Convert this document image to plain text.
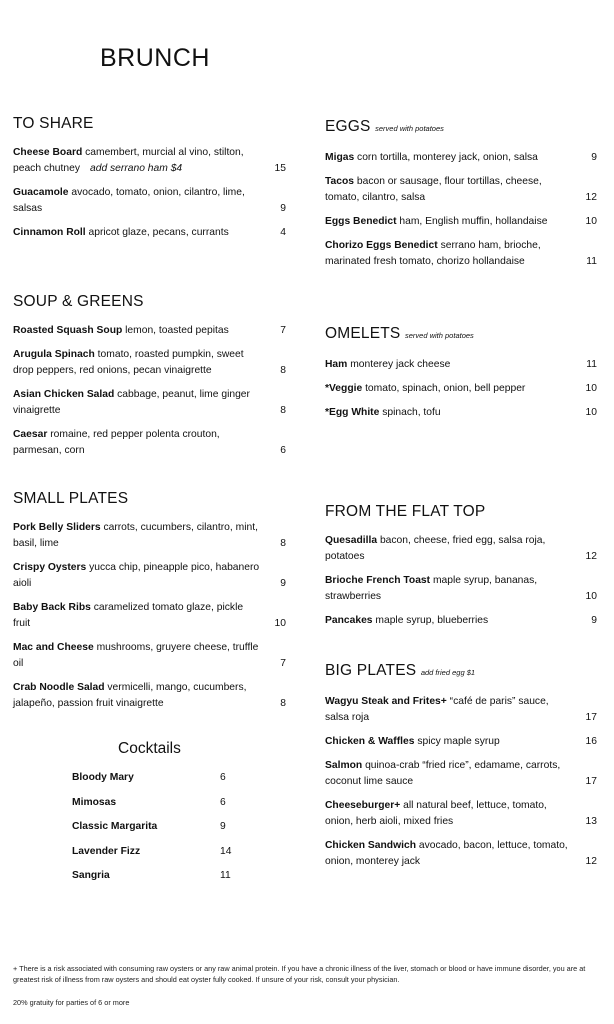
BRUNCH
TO SHARE
Cheese Board camembert, murcial al vino, stilton, peach chutney add serrano ham $4	15
Guacamole avocado, tomato, onion, cilantro, lime, salsas	9
Cinnamon Roll apricot glaze, pecans, currants	4
SOUP & GREENS
Roasted Squash Soup lemon, toasted pepitas	7
Arugula Spinach tomato, roasted pumpkin, sweet drop peppers, red onions, pecan vinaigrette	8
Asian Chicken Salad cabbage, peanut, lime ginger vinaigrette	8
Caesar romaine, red pepper polenta crouton, parmesan, corn	6
SMALL PLATES
Pork Belly Sliders carrots, cucumbers, cilantro, mint, basil, lime	8
Crispy Oysters yucca chip, pineapple pico, habanero aioli	9
Baby Back Ribs caramelized tomato glaze, pickle fruit	10
Mac and Cheese mushrooms, gruyere cheese, truffle oil	7
Crab Noodle Salad vermicelli, mango, cucumbers, jalapeño, passion fruit vinaigrette	8
Cocktails
Bloody Mary	6
Mimosas	6
Classic Margarita	9
Lavender Fizz	14
Sangria	11
EGGS served with potatoes
Migas corn tortilla, monterey jack, onion, salsa	9
Tacos bacon or sausage, flour tortillas, cheese, tomato, cilantro, salsa	12
Eggs Benedict ham, English muffin, hollandaise	10
Chorizo Eggs Benedict serrano ham, brioche, marinated fresh tomato, chorizo hollandaise	11
OMELETS served with potatoes
Ham monterey jack cheese	11
*Veggie tomato, spinach, onion, bell pepper	10
*Egg White spinach, tofu	10
FROM THE FLAT TOP
Quesadilla bacon, cheese, fried egg, salsa roja, potatoes	12
Brioche French Toast maple syrup, bananas, strawberries	10
Pancakes maple syrup, blueberries	9
BIG PLATES add fried egg $1
Wagyu Steak and Frites+ “café de paris” sauce, salsa roja	17
Chicken & Waffles spicy maple syrup	16
Salmon quinoa-crab “fried rice”, edamame, carrots, coconut lime sauce	17
Cheeseburger+ all natural beef, lettuce, tomato, onion, herb aioli, mixed fries	13
Chicken Sandwich avocado, bacon, lettuce, tomato, onion, monterey jack	12
+ There is a risk associated with consuming raw oysters or any raw animal protein. If you have a chronic illness of the liver, stomach or blood or have immune disorder, you are at greatest risk of illness from raw oysters and should eat oyster fully cooked. If unsure of your risk, consult your physician.
20% gratuity for parties of 6 or more
